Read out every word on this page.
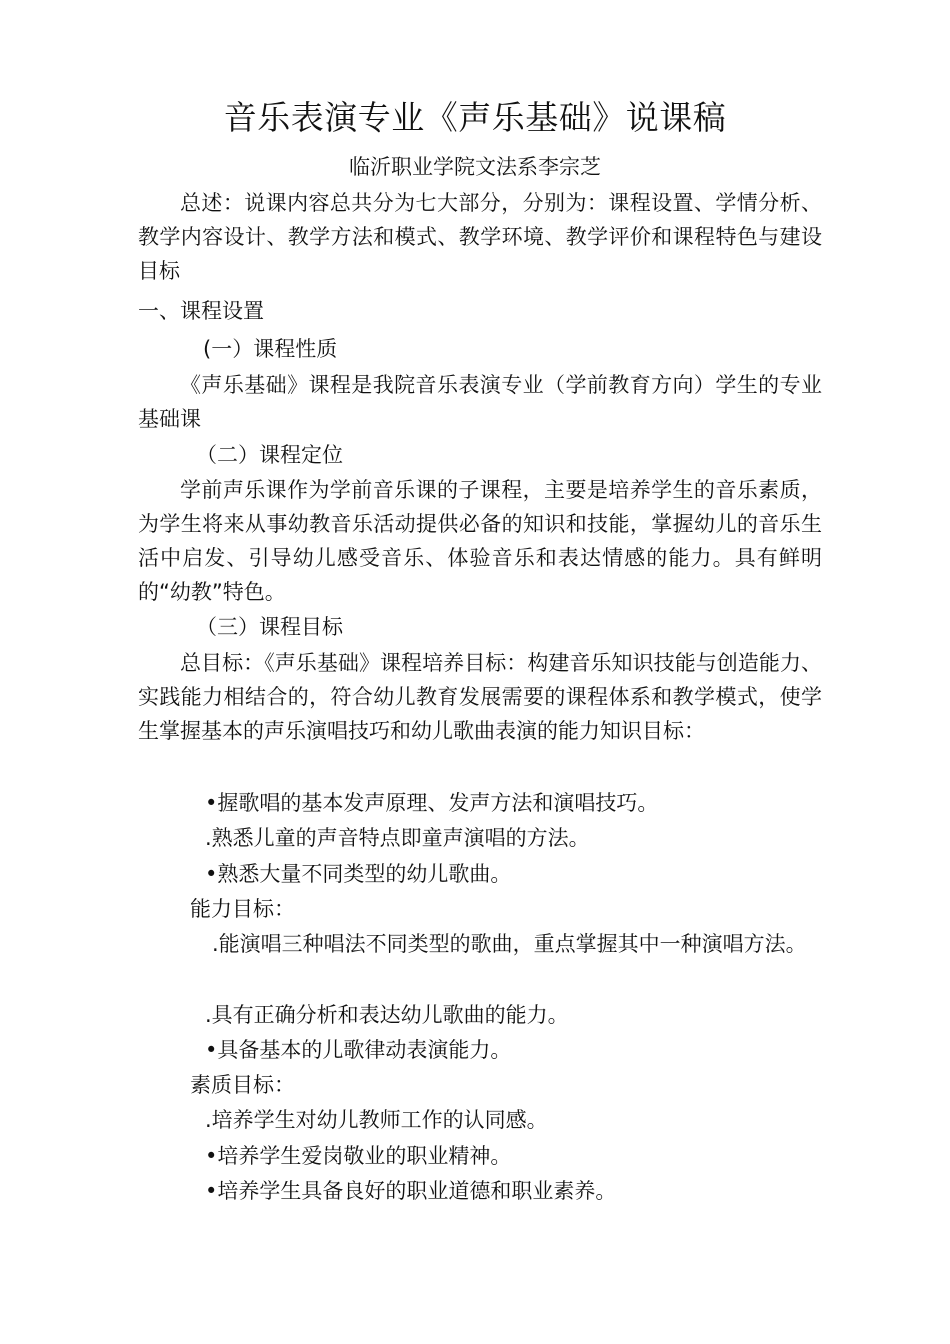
音乐表演专业《声乐基础》说课稿
临沂职业学院文法系李宗芝

总述：说课内容总共分为七大部分，分别为：课程设置、学情分析、教学内容设计、教学方法和模式、教学环境、教学评价和课程特色与建设目标

一、课程设置

(一）课程性质

《声乐基础》课程是我院音乐表演专业（学前教育方向）学生的专业基础课

（二）课程定位

学前声乐课作为学前音乐课的子课程，主要是培养学生的音乐素质，为学生将来从事幼教音乐活动提供必备的知识和技能，掌握幼儿的音乐生活中启发、引导幼儿感受音乐、体验音乐和表达情感的能力。具有鲜明的“幼教”特色。

（三）课程目标

总目标：《声乐基础》课程培养目标：构建音乐知识技能与创造能力、实践能力相结合的，符合幼儿教育发展需要的课程体系和教学模式，使学生掌握基本的声乐演唱技巧和幼儿歌曲表演的能力知识目标：

•握歌唱的基本发声原理、发声方法和演唱技巧。

.熟悉儿童的声音特点即童声演唱的方法。

•熟悉大量不同类型的幼儿歌曲。

能力目标：

.能演唱三种唱法不同类型的歌曲，重点掌握其中一种演唱方法。

.具有正确分析和表达幼儿歌曲的能力。

•具备基本的儿歌律动表演能力。

素质目标：

.培养学生对幼儿教师工作的认同感。

•培养学生爱岗敬业的职业精神。

•培养学生具备良好的职业道德和职业素养。
